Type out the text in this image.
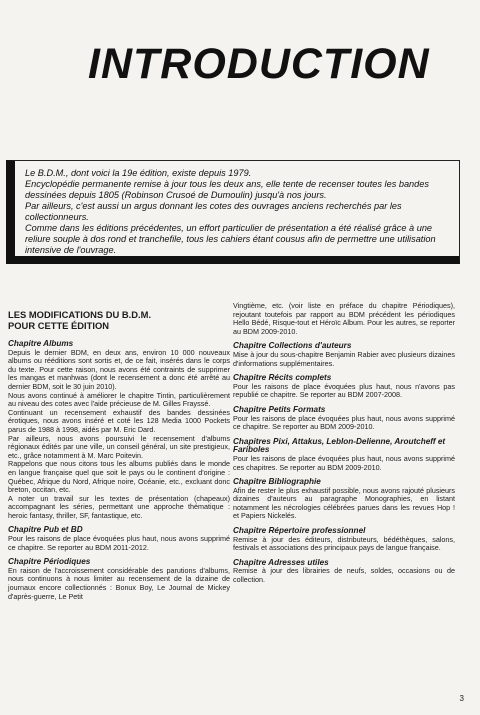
INTRODUCTION

Le B.D.M., dont voici la 19e édition, existe depuis 1979.

Encyclopédie permanente remise à jour tous les deux ans, elle tente de recenser toutes les bandes dessinées depuis 1805 (Robinson Crusoé de Dumoulin) jusqu'à nos jours.

Par ailleurs, c'est aussi un argus donnant les cotes des ouvrages anciens recherchés par les collectionneurs.

Comme dans les éditions précédentes, un effort particulier de présentation a été réalisé grâce à une reliure souple à dos rond et tranchefile, tous les cahiers étant cousus afin de permettre une utilisation intensive de l'ouvrage.

LES MODIFICATIONS DU B.D.M.
POUR CETTE ÉDITION
Chapitre Albums

Depuis le dernier BDM, en deux ans, environ 10 000 nouveaux albums ou rééditions sont sortis et, de ce fait, insérés dans le corps du texte. Pour cette raison, nous avons été contraints de supprimer les mangas et manhwas (dont le recensement a donc été arrêté au dernier BDM, soit le 30 juin 2010).

Nous avons continué à améliorer le chapitre Tintin, particulièrement au niveau des cotes avec l'aide précieuse de M. Gilles Frayssé.

Continuant un recensement exhaustif des bandes dessinées érotiques, nous avons inséré et coté les 128 Media 1000 Pockets parus de 1988 à 1998, aidés par M. Eric Dard.

Par ailleurs, nous avons poursuivi le recensement d'albums régionaux édités par une ville, un conseil général, un site prestigieux, etc., grâce notamment à M. Marc Poitevin.

Rappelons que nous citons tous les albums publiés dans le monde en langue française quel que soit le pays ou le continent d'origine : Québec, Afrique du Nord, Afrique noire, Océanie, etc., excluant donc breton, occitan, etc.

A noter un travail sur les textes de présentation (chapeaux) accompagnant les séries, permettant une approche thématique : heroic fantasy, thriller, SF, fantastique, etc.

Chapitre Pub et BD

Pour les raisons de place évoquées plus haut, nous avons supprimé ce chapitre. Se reporter au BDM 2011-2012.

Chapitre Périodiques

En raison de l'accroissement considérable des parutions d'albums, nous continuons à nous limiter au recensement de la dizaine de journaux encore collectionnés : Bonux Boy, Le Journal de Mickey d'après-guerre, Le Petit

Vingtième, etc. (voir liste en préface du chapitre Périodiques), rejoutant toutefois par rapport au BDM précédent les périodiques Hello Bédé, Risque-tout et Héroïc Album. Pour les autres, se reporter au BDM 2009-2010.

Chapitre Collections d'auteurs

Mise à jour du sous-chapitre Benjamin Rabier avec plusieurs dizaines d'informations supplémentaires.

Chapitre Récits complets

Pour les raisons de place évoquées plus haut, nous n'avons pas republié ce chapitre. Se reporter au BDM 2007-2008.

Chapitre Petits Formats

Pour les raisons de place évoquées plus haut, nous avons supprimé ce chapitre. Se reporter au BDM 2009-2010.

Chapitres Pixi, Attakus, Leblon-Delienne, Aroutcheff et Fariboles

Pour les raisons de place évoquées plus haut, nous avons supprimé ces chapitres. Se reporter au BDM 2009-2010.

Chapitre Bibliographie

Afin de rester le plus exhaustif possible, nous avons rajouté plusieurs dizaines d'auteurs au paragraphe Monographies, en listant notamment les nécrologies célébrées parues dans les revues Hop ! et Papiers Nickelés.

Chapitre Répertoire professionnel

Remise à jour des éditeurs, distributeurs, bédéthèques, salons, festivals et associations des principaux pays de langue française.

Chapitre Adresses utiles

Remise à jour des librairies de neufs, soldes, occasions ou de collection.

3
